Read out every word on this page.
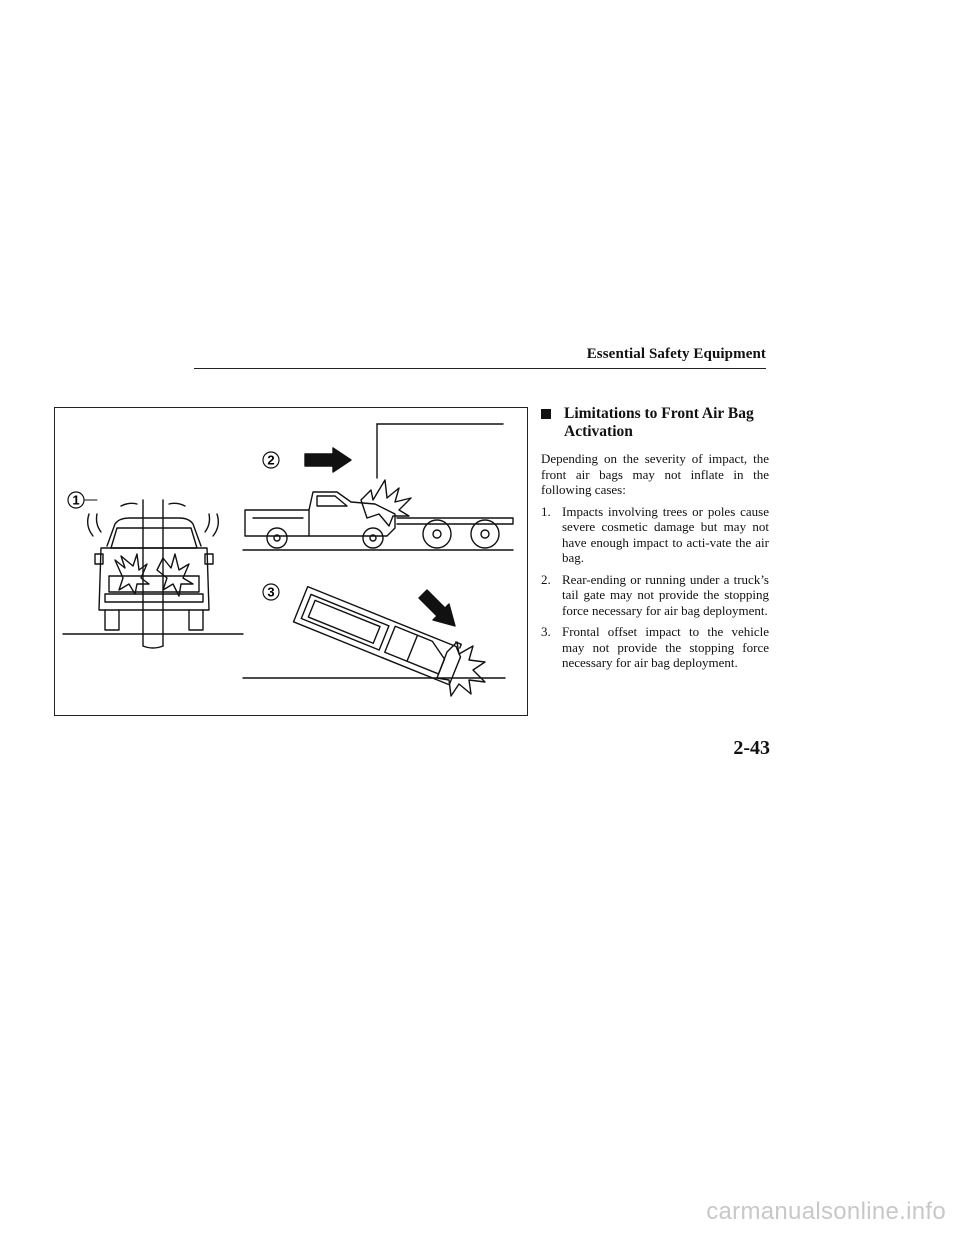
Essential Safety Equipment
1
2
3
Limitations to Front Air Bag Activation

Depending on the severity of impact, the front air bags may not inflate in the following cases:

1. Impacts involving trees or poles cause severe cosmetic damage but may not have enough impact to acti-vate the air bag.
2. Rear-ending or running under a truck’s tail gate may not provide the stopping force necessary for air bag deployment.
3. Frontal offset impact to the vehicle may not provide the stopping force necessary for air bag deployment.
2-43
carmanualsonline.info
